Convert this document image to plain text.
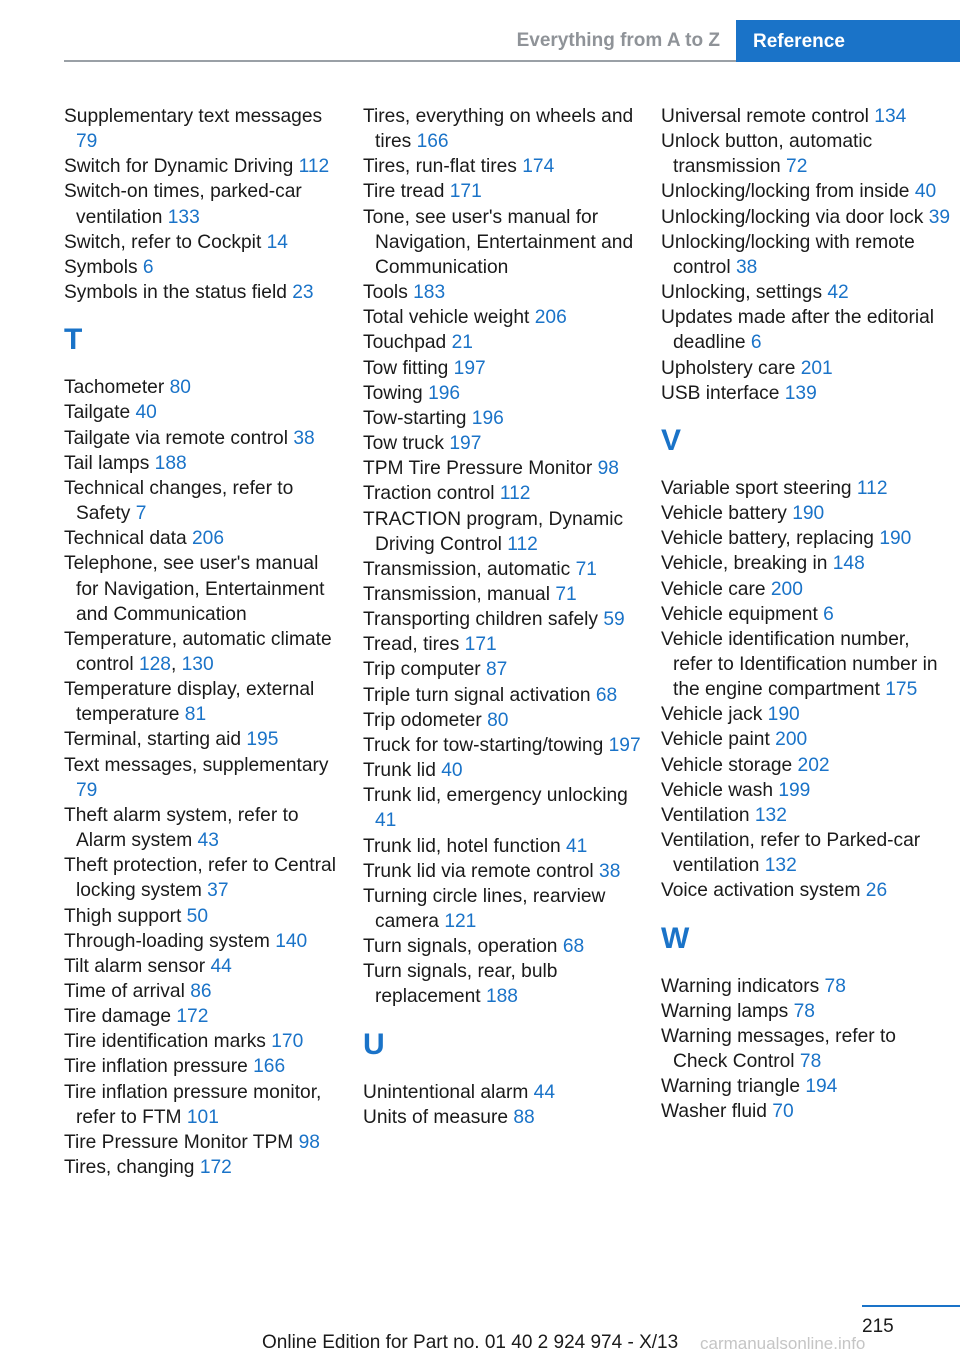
Everything from A to Z	Reference
Supplementary text messages 79
Switch for Dynamic Driving 112
Switch-on times, parked-car ventilation 133
Switch, refer to Cockpit 14
Symbols 6
Symbols in the status field 23
T
Tachometer 80
Tailgate 40
Tailgate via remote control 38
Tail lamps 188
Technical changes, refer to Safety 7
Technical data 206
Telephone, see user's manual for Navigation, Entertainment and Communication
Temperature, automatic climate control 128, 130
Temperature display, external temperature 81
Terminal, starting aid 195
Text messages, supplementary 79
Theft alarm system, refer to Alarm system 43
Theft protection, refer to Central locking system 37
Thigh support 50
Through-loading system 140
Tilt alarm sensor 44
Time of arrival 86
Tire damage 172
Tire identification marks 170
Tire inflation pressure 166
Tire inflation pressure monitor, refer to FTM 101
Tire Pressure Monitor TPM 98
Tires, changing 172
Tires, everything on wheels and tires 166
Tires, run-flat tires 174
Tire tread 171
Tone, see user's manual for Navigation, Entertainment and Communication
Tools 183
Total vehicle weight 206
Touchpad 21
Tow fitting 197
Towing 196
Tow-starting 196
Tow truck 197
TPM Tire Pressure Monitor 98
Traction control 112
TRACTION program, Dynamic Driving Control 112
Transmission, automatic 71
Transmission, manual 71
Transporting children safely 59
Tread, tires 171
Trip computer 87
Triple turn signal activation 68
Trip odometer 80
Truck for tow-starting/towing 197
Trunk lid 40
Trunk lid, emergency unlocking 41
Trunk lid, hotel function 41
Trunk lid via remote control 38
Turning circle lines, rearview camera 121
Turn signals, operation 68
Turn signals, rear, bulb replacement 188
U
Unintentional alarm 44
Units of measure 88
Universal remote control 134
Unlock button, automatic transmission 72
Unlocking/locking from inside 40
Unlocking/locking via door lock 39
Unlocking/locking with remote control 38
Unlocking, settings 42
Updates made after the editorial deadline 6
Upholstery care 201
USB interface 139
V
Variable sport steering 112
Vehicle battery 190
Vehicle battery, replacing 190
Vehicle, breaking in 148
Vehicle care 200
Vehicle equipment 6
Vehicle identification number, refer to Identification number in the engine compartment 175
Vehicle jack 190
Vehicle paint 200
Vehicle storage 202
Vehicle wash 199
Ventilation 132
Ventilation, refer to Parked-car ventilation 132
Voice activation system 26
W
Warning indicators 78
Warning lamps 78
Warning messages, refer to Check Control 78
Warning triangle 194
Washer fluid 70
215
Online Edition for Part no. 01 40 2 924 974 - X/13 carmanualsonline.info
